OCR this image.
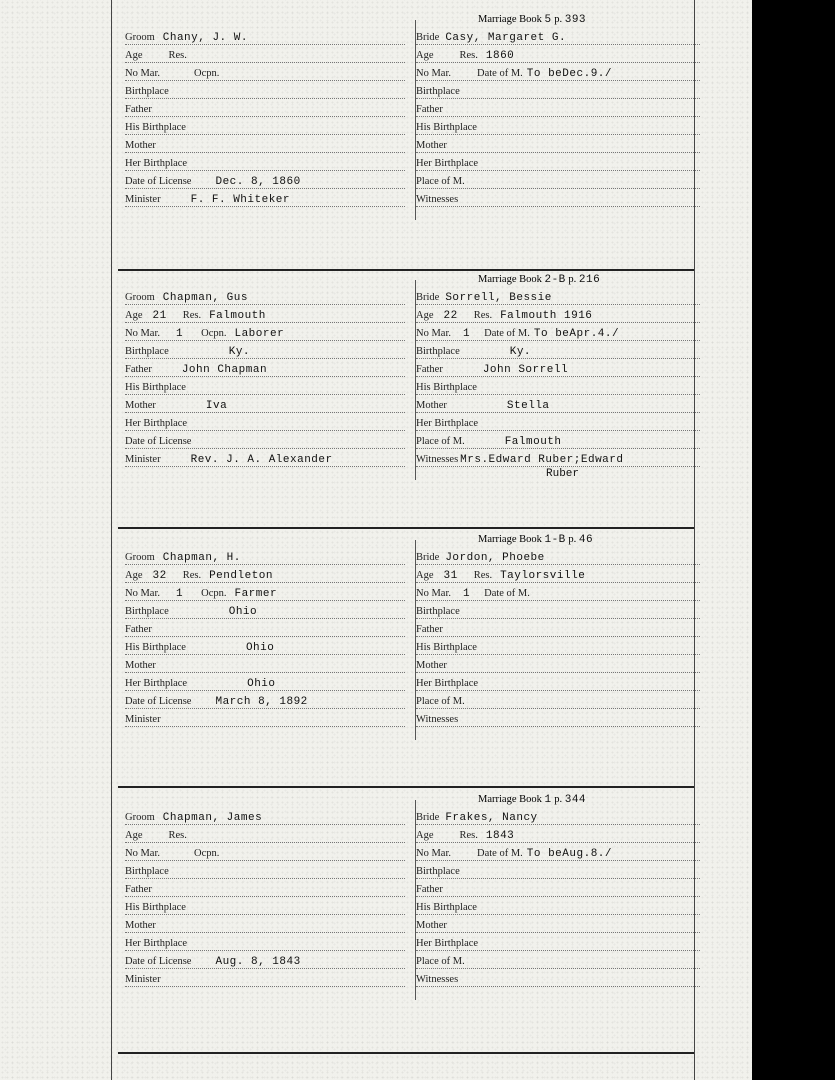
Groom Chany, J. W.
Age Res.
No Mar.	Ocpn.
Birthplace
Father
His Birthplace
Mother
Her Birthplace
Date of License Dec. 8, 1860
Minister	F. F. Whiteker
Marriage Book 5 p. 393
Bride Casy, Margaret G.
Age Res. 1860
No Mar. Date of M. To beDec.9./
Birthplace
Father
His Birthplace
Mother
Her Birthplace
Place of M.
Witnesses
Groom Chapman, Gus
Age 21 Res. Falmouth
No Mar. 1 Ocpn. Laborer
Birthplace	Ky.
Father	John Chapman
His Birthplace
Mother	Iva
Her Birthplace
Date of License
Minister	Rev. J. A. Alexander
Marriage Book 2-B p. 216
Bride Sorrell, Bessie
Age 22 Res. Falmouth 1916
No Mar. 1 Date of M. To beApr.4./
Birthplace	Ky.
Father	John Sorrell
His Birthplace
Mother	Stella
Her Birthplace
Place of M.	Falmouth
Witnesses Mrs.Edward Ruber;Edward
Ruber
Groom Chapman, H.
Age 32 Res. Pendleton
No Mar. 1 Ocpn. Farmer
Birthplace	Ohio
Father
His Birthplace	Ohio
Mother
Her Birthplace	Ohio
Date of License March 8, 1892
Minister
Marriage Book 1-B p. 46
Bride Jordon, Phoebe
Age 31 Res. Taylorsville
No Mar. 1 Date of M.
Birthplace
Father
His Birthplace
Mother
Her Birthplace
Place of M.
Witnesses
Groom Chapman, James
Age Res.
No Mar.	Ocpn.
Birthplace
Father
His Birthplace
Mother
Her Birthplace
Date of License Aug. 8, 1843
Minister
Marriage Book 1 p. 344
Bride Frakes, Nancy
Age Res. 1843
No Mar. Date of M. To beAug.8./
Birthplace
Father
His Birthplace
Mother
Her Birthplace
Place of M.
Witnesses
